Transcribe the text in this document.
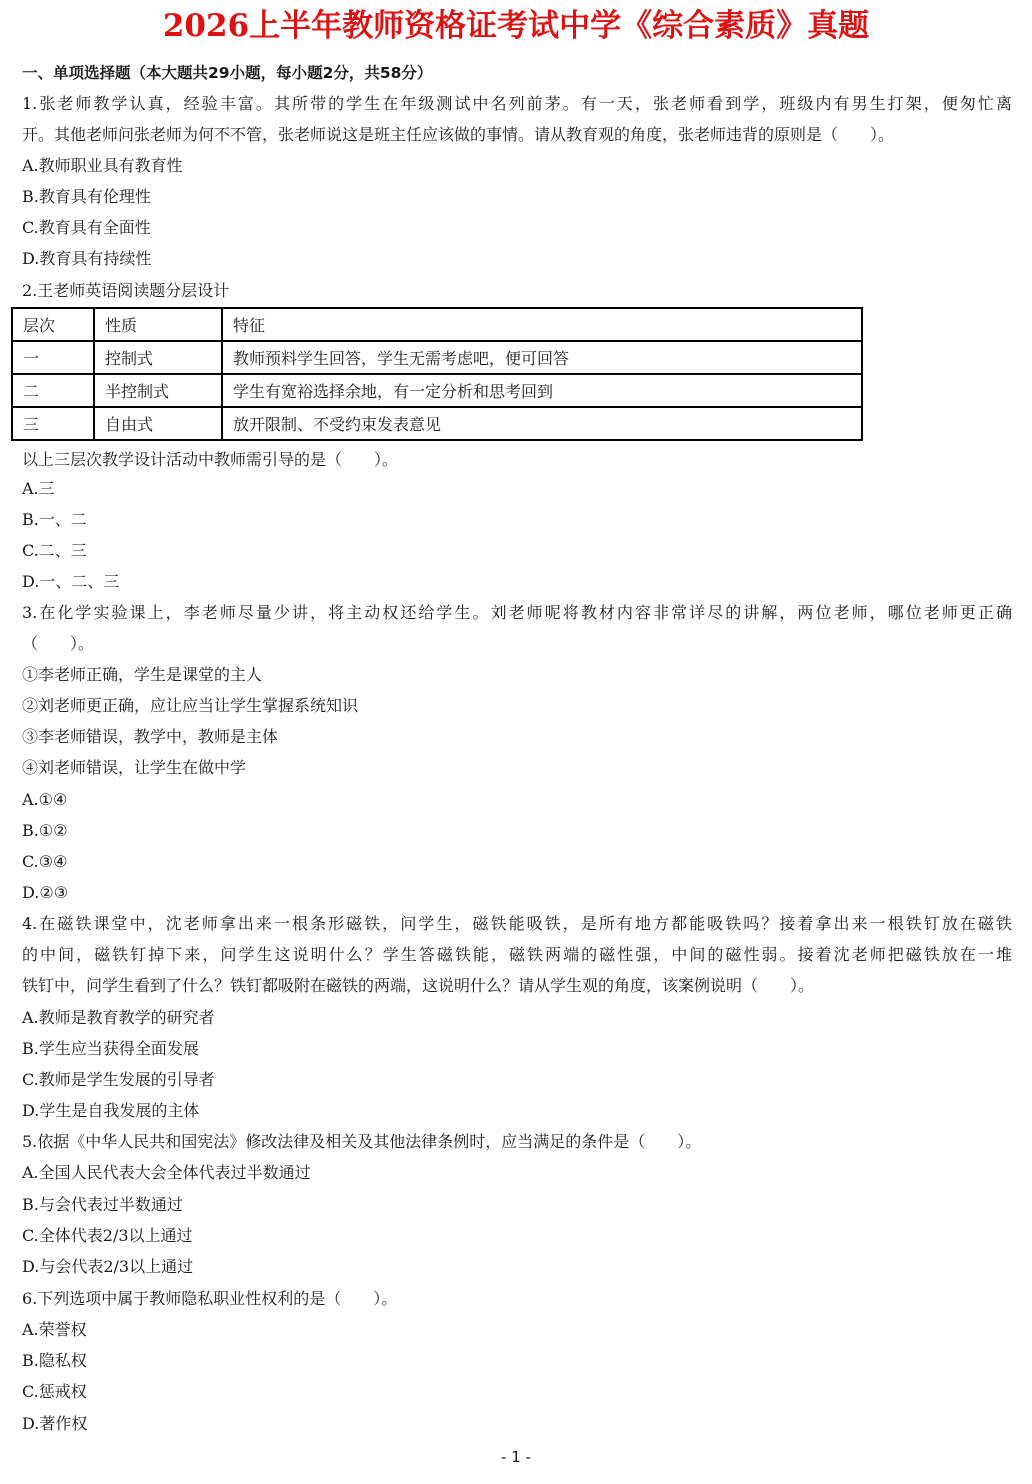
2026上半年教师资格证考试中学《综合素质》真题
一、单项选择题（本大题共29小题，每小题2分，共58分）
1.张老师教学认真，经验丰富。其所带的学生在年级测试中名列前茅。有一天，张老师看到学，班级内有男生打架，便匆忙离
开。其他老师问张老师为何不不管，张老师说这是班主任应该做的事情。请从教育观的角度，张老师违背的原则是（　　）。
A.教师职业具有教育性
B.教育具有伦理性
C.教育具有全面性
D.教育具有持续性
2.王老师英语阅读题分层设计
层次	性质	特征
一	控制式	教师预料学生回答，学生无需考虑吧，便可回答
二	半控制式	学生有宽裕选择余地，有一定分析和思考回到
三	自由式	放开限制、不受约束发表意见
以上三层次教学设计活动中教师需引导的是（　　）。
A.三
B.一、二
C.二、三
D.一、二、三
3.在化学实验课上，李老师尽量少讲，将主动权还给学生。刘老师呢将教材内容非常详尽的讲解，两位老师，哪位老师更正确
（　　）。
①李老师正确，学生是课堂的主人
②刘老师更正确，应让应当让学生掌握系统知识
③李老师错误，教学中，教师是主体
④刘老师错误，让学生在做中学
A.①④
B.①②
C.③④
D.②③
4.在磁铁课堂中，沈老师拿出来一根条形磁铁，问学生，磁铁能吸铁，是所有地方都能吸铁吗？接着拿出来一根铁钉放在磁铁
的中间，磁铁钉掉下来，问学生这说明什么？学生答磁铁能，磁铁两端的磁性强，中间的磁性弱。接着沈老师把磁铁放在一堆
铁钉中，问学生看到了什么？铁钉都吸附在磁铁的两端，这说明什么？请从学生观的角度，该案例说明（　　）。
A.教师是教育教学的研究者
B.学生应当获得全面发展
C.教师是学生发展的引导者
D.学生是自我发展的主体
5.依据《中华人民共和国宪法》修改法律及相关及其他法律条例时，应当满足的条件是（　　）。
A.全国人民代表大会全体代表过半数通过
B.与会代表过半数通过
C.全体代表2/3以上通过
D.与会代表2/3以上通过
6.下列选项中属于教师隐私职业性权利的是（　　）。
A.荣誉权
B.隐私权
C.惩戒权
D.著作权
- 1 -
